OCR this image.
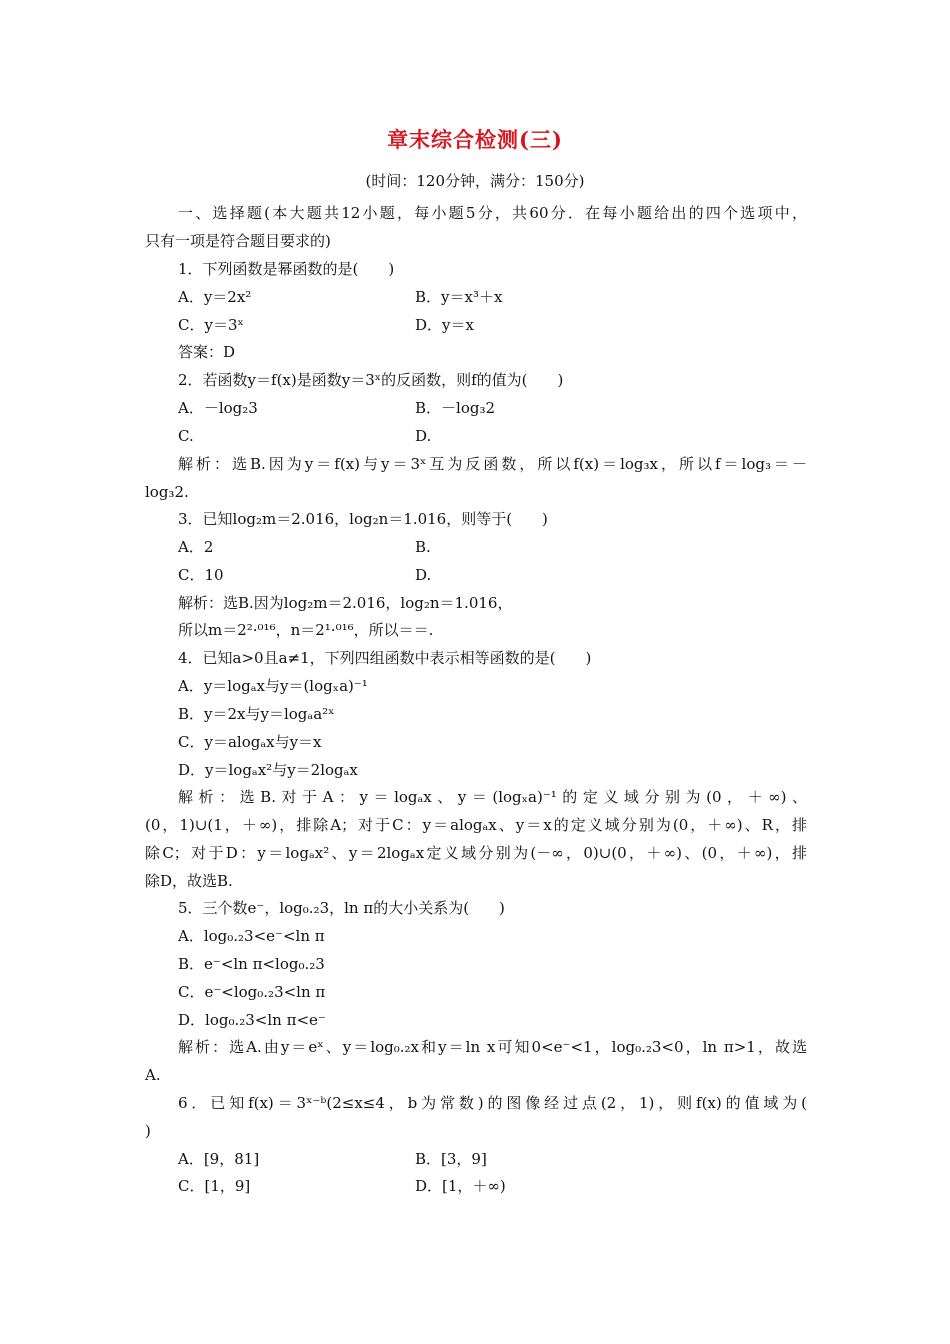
章末综合检测(三)
(时间：120分钟，满分：150分)
一、选择题(本大题共12小题，每小题5分，共60分．在每小题给出的四个选项中，
只有一项是符合题目要求的)
1．下列函数是幂函数的是(　　)
A．y＝2x²	B．y＝x³＋x
C．y＝3ˣ	D．y＝x
答案：D
2．若函数y＝f(x)是函数y＝3ˣ的反函数，则f的值为(　　)
A．－log₂3	B．－log₃2
C.	D.
解析：选B.因为y＝f(x)与y＝3ˣ互为反函数，所以f(x)＝log₃x，所以f＝log₃＝－
log₃2.
3．已知log₂m＝2.016，log₂n＝1.016，则等于(　　)
A．2	B.
C．10	D.
解析：选B.因为log₂m＝2.016，log₂n＝1.016，
所以m＝2²·⁰¹⁶，n＝2¹·⁰¹⁶，所以＝＝.
4．已知a>0且a≠1，下列四组函数中表示相等函数的是(　　)
A．y＝logₐx与y＝(logₓa)⁻¹
B．y＝2x与y＝logₐa²ˣ
C．y＝alogₐx与y＝x
D．y＝logₐx²与y＝2logₐx
解析：选B.对于A：y＝logₐx、y＝(logₓa)⁻¹的定义域分别为(0，＋∞)、
(0，1)∪(1，＋∞)，排除A；对于C：y＝alogₐx、y＝x的定义域分别为(0，＋∞)、R，排
除C；对于D：y＝logₐx²、y＝2logₐx定义域分别为(－∞，0)∪(0，＋∞)、(0，＋∞)，排
除D，故选B.
5．三个数e⁻，log₀.₂3，ln π的大小关系为(　　)
A．log₀.₂3<e⁻<ln π
B．e⁻<ln π<log₀.₂3
C．e⁻<log₀.₂3<ln π
D．log₀.₂3<ln π<e⁻
解析：选A.由y＝eˣ、y＝log₀.₂x和y＝ln x可知0<e⁻<1，log₀.₂3<0，ln π>1，故选
A.
6．已知f(x)＝3ˣ⁻ᵇ(2≤x≤4，b为常数)的图像经过点(2，1)，则f(x)的值域为(
)
A．[9，81]	B．[3，9]
C．[1，9]	D．[1，＋∞)
